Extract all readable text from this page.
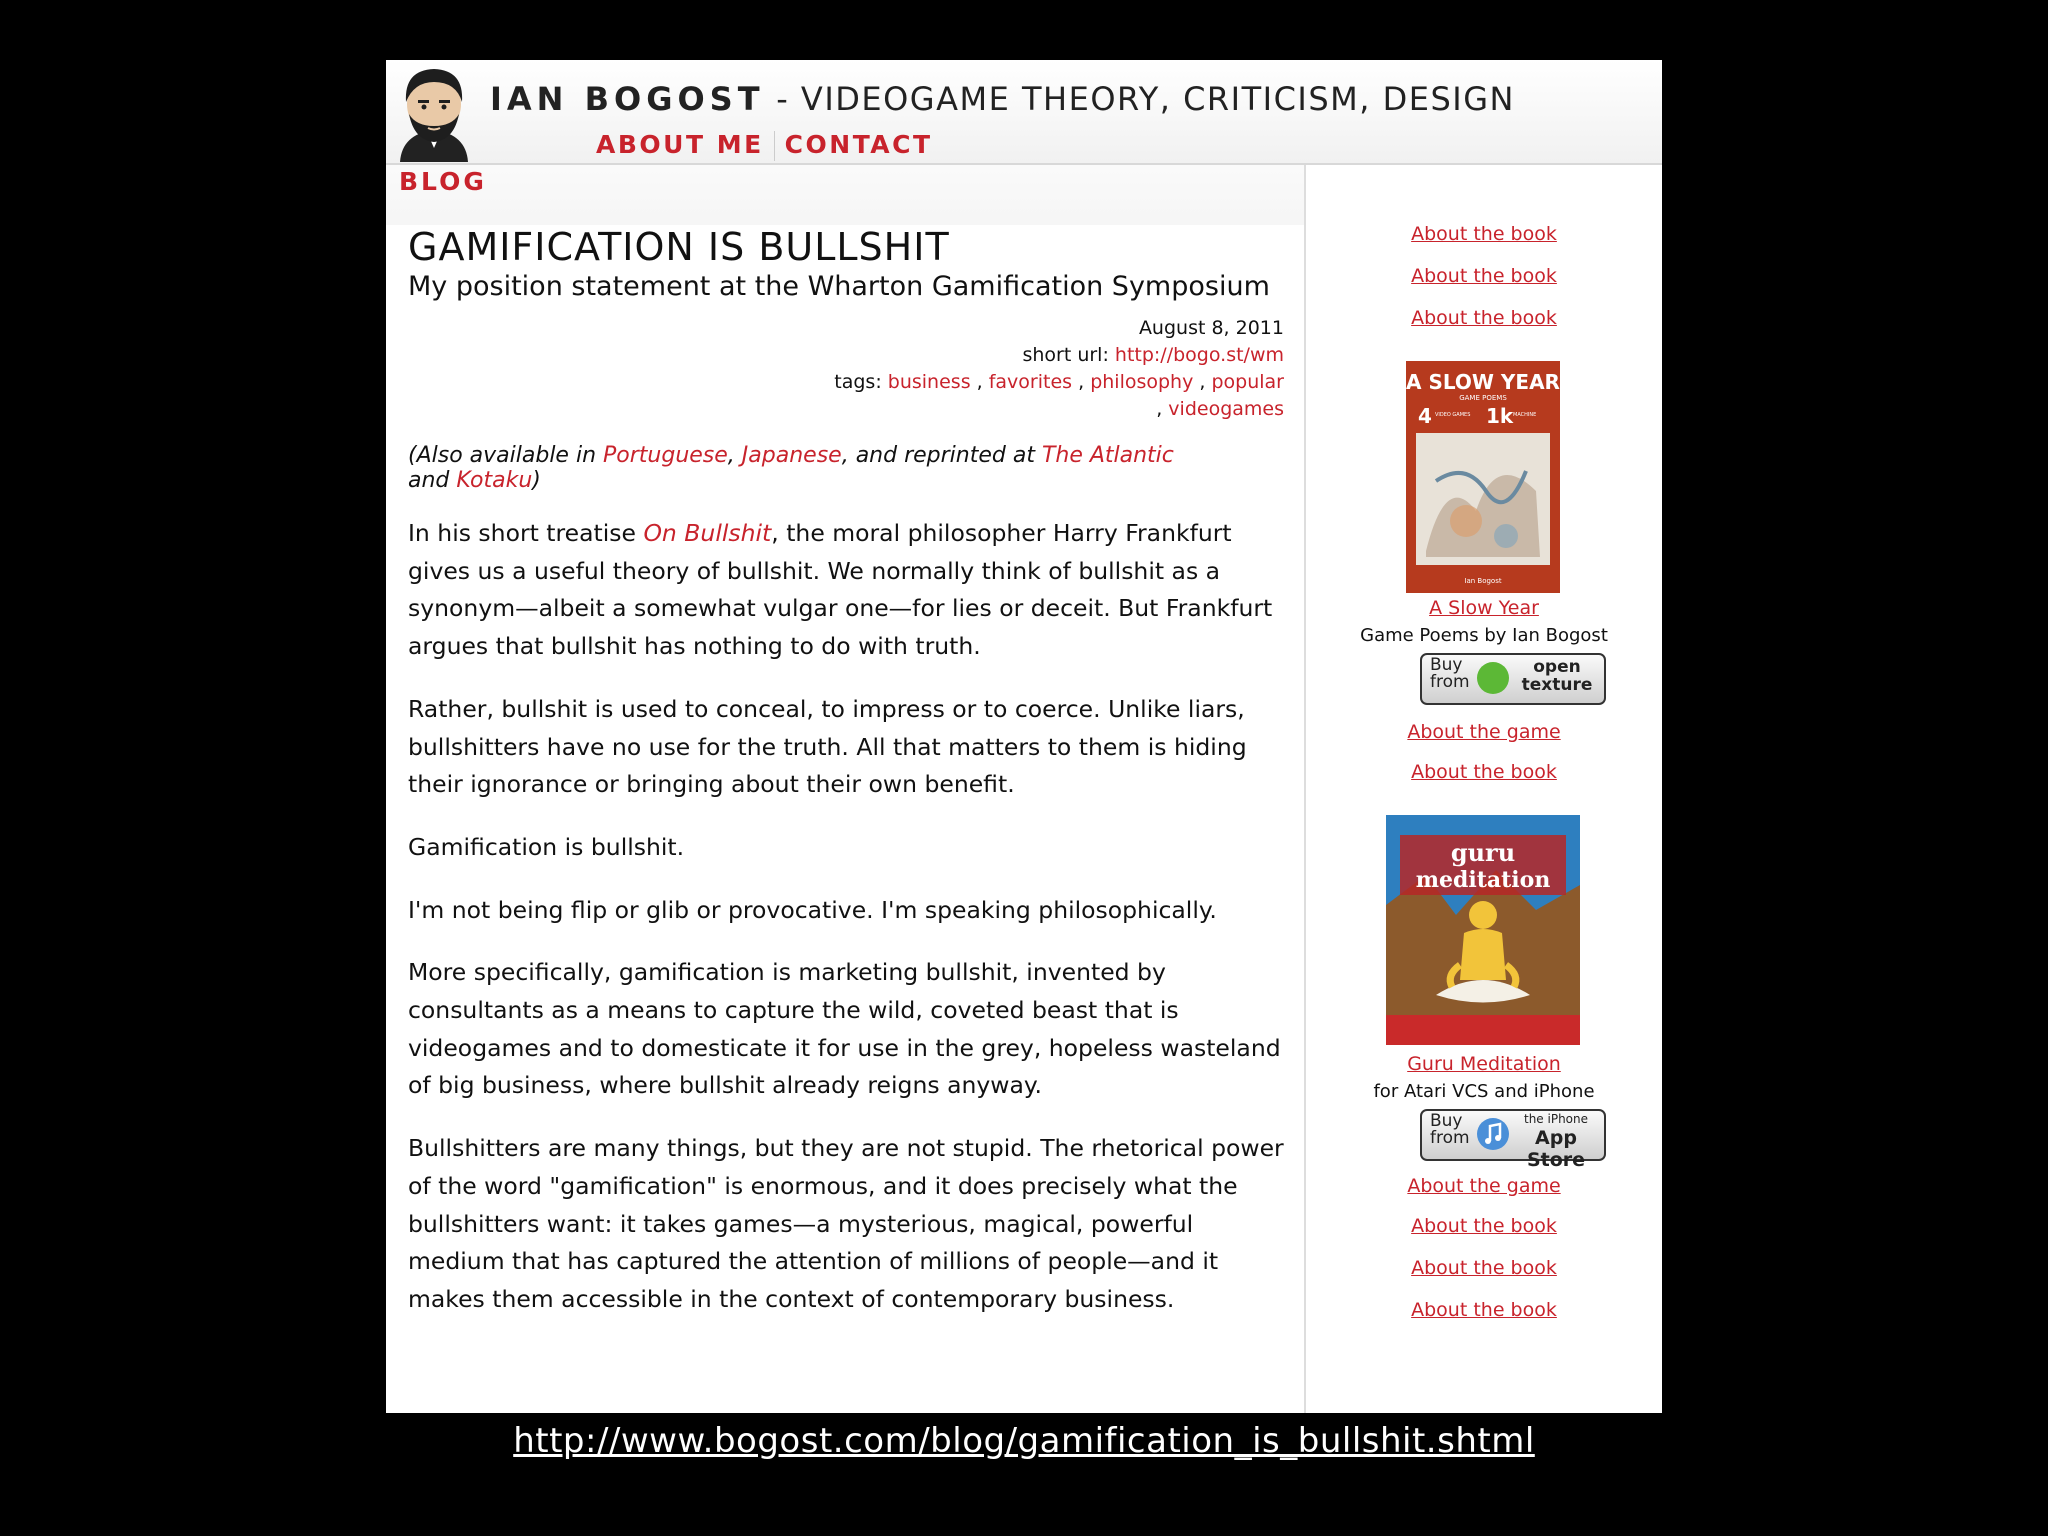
IAN BOGOST - VIDEOGAME THEORY, CRITICISM, DESIGN
ABOUT ME CONTACT
BLOG
GAMIFICATION IS BULLSHIT
My position statement at the Wharton Gamification Symposium
August 8, 2011
short url: http://bogo.st/wm
tags: business , favorites , philosophy , popular
, videogames
(Also available in Portuguese, Japanese, and reprinted at The Atlantic
and Kotaku)

In his short treatise On Bullshit, the moral philosopher Harry Frankfurt gives us a useful theory of bullshit. We normally think of bullshit as a synonym—albeit a somewhat vulgar one—for lies or deceit. But Frankfurt argues that bullshit has nothing to do with truth.

Rather, bullshit is used to conceal, to impress or to coerce. Unlike liars, bullshitters have no use for the truth. All that matters to them is hiding their ignorance or bringing about their own benefit.

Gamification is bullshit.

I'm not being flip or glib or provocative. I'm speaking philosophically.

More specifically, gamification is marketing bullshit, invented by consultants as a means to capture the wild, coveted beast that is videogames and to domesticate it for use in the grey, hopeless wasteland of big business, where bullshit already reigns anyway.

Bullshitters are many things, but they are not stupid. The rhetorical power of the word "gamification" is enormous, and it does precisely what the bullshitters want: it takes games—a mysterious, magical, powerful medium that has captured the attention of millions of people—and it makes them accessible in the context of contemporary business.

About the book
About the book
About the book
A SLOW YEAR
GAME POEMS
4 VIDEO GAMES 1k MACHINE
Ian Bogost
A Slow Year
Game Poems by Ian Bogost
Buy from
open texture
About the game
About the book
guru
meditation
Guru Meditation
for Atari VCS and iPhone
Buy from
the iPhone
App Store
About the game
About the book
About the book
About the book
http://www.bogost.com/blog/gamification_is_bullshit.shtml
